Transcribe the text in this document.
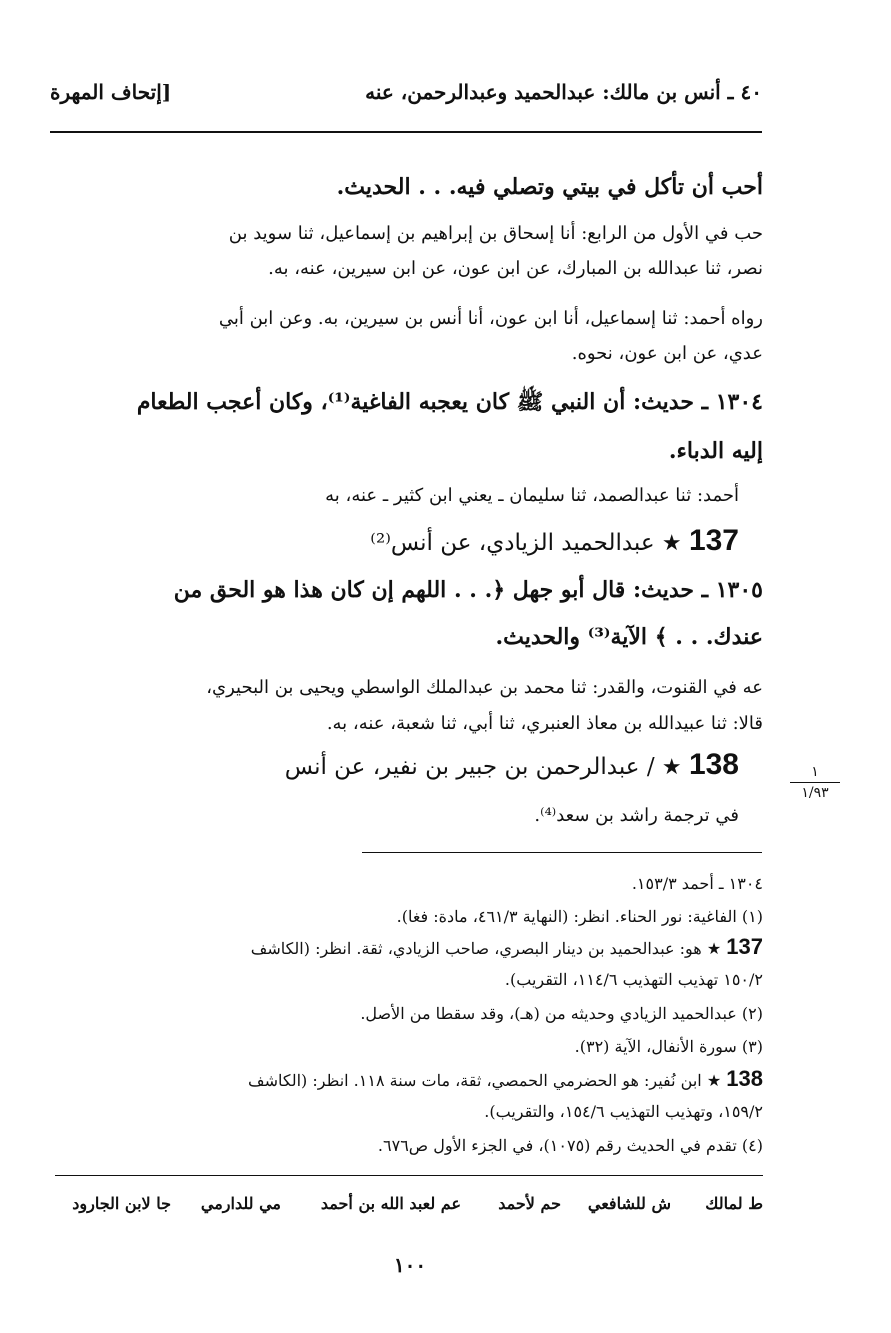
٤٠ ـ أنس بن مالك: عبدالحميد وعبدالرحمن، عنه
[إتحاف المهرة
أحب أن تأكل في بيتي وتصلي فيه. . . الحديث.
حب في الأول من الرابع: أنا إسحاق بن إبراهيم بن إسماعيل، ثنا سويد بن
نصر، ثنا عبدالله بن المبارك، عن ابن عون، عن ابن سيرين، عنه، به.
رواه أحمد: ثنا إسماعيل، أنا ابن عون، أنا أنس بن سيرين، به. وعن ابن أبي
عدي، عن ابن عون، نحوه.
١٣٠٤ ـ حديث: أن النبي ﷺ كان يعجبه الفاغية⁽¹⁾، وكان أعجب الطعام
إليه الدباء.
أحمد: ثنا عبدالصمد، ثنا سليمان ـ يعني ابن كثير ـ عنه، به
137 ★ عبدالحميد الزيادي، عن أنس⁽²⁾
١٣٠٥ ـ حديث: قال أبو جهل ﴿. . . اللهم إن كان هذا هو الحق من
عندك. . . ﴾ الآية⁽³⁾ والحديث.
عه في القنوت، والقدر: ثنا محمد بن عبدالملك الواسطي ويحيى بن البحيري،
قالا: ثنا عبيدالله بن معاذ العنبري، ثنا أبي، ثنا شعبة، عنه، به.
138 ★ / عبدالرحمن بن جبير بن نفير، عن أنس	١
١/٩٣
في ترجمة راشد بن سعد⁽⁴⁾.
١٣٠٤ ـ أحمد ١٥٣/٣.
(١) الفاغية: نور الحناء. انظر: (النهاية ٤٦١/٣، مادة: فغا).
137 ★ هو: عبدالحميد بن دينار البصري، صاحب الزيادي، ثقة. انظر: (الكاشف
١٥٠/٢ تهذيب التهذيب ١١٤/٦، التقريب).
(٢) عبدالحميد الزيادي وحديثه من (هـ)، وقد سقطا من الأصل.
(٣) سورة الأنفال، الآية (٣٢).
138 ★ ابن نُفير: هو الحضرمي الحمصي، ثقة، مات سنة ١١٨. انظر: (الكاشف
١٥٩/٢، وتهذيب التهذيب ١٥٤/٦، والتقريب).
(٤) تقدم في الحديث رقم (١٠٧٥)، في الجزء الأول ص٦٧٦.
ط لمالك
ش للشافعي
حم لأحمد
عم لعبد الله بن أحمد
مي للدارمي
جا لابن الجارود
١٠٠
